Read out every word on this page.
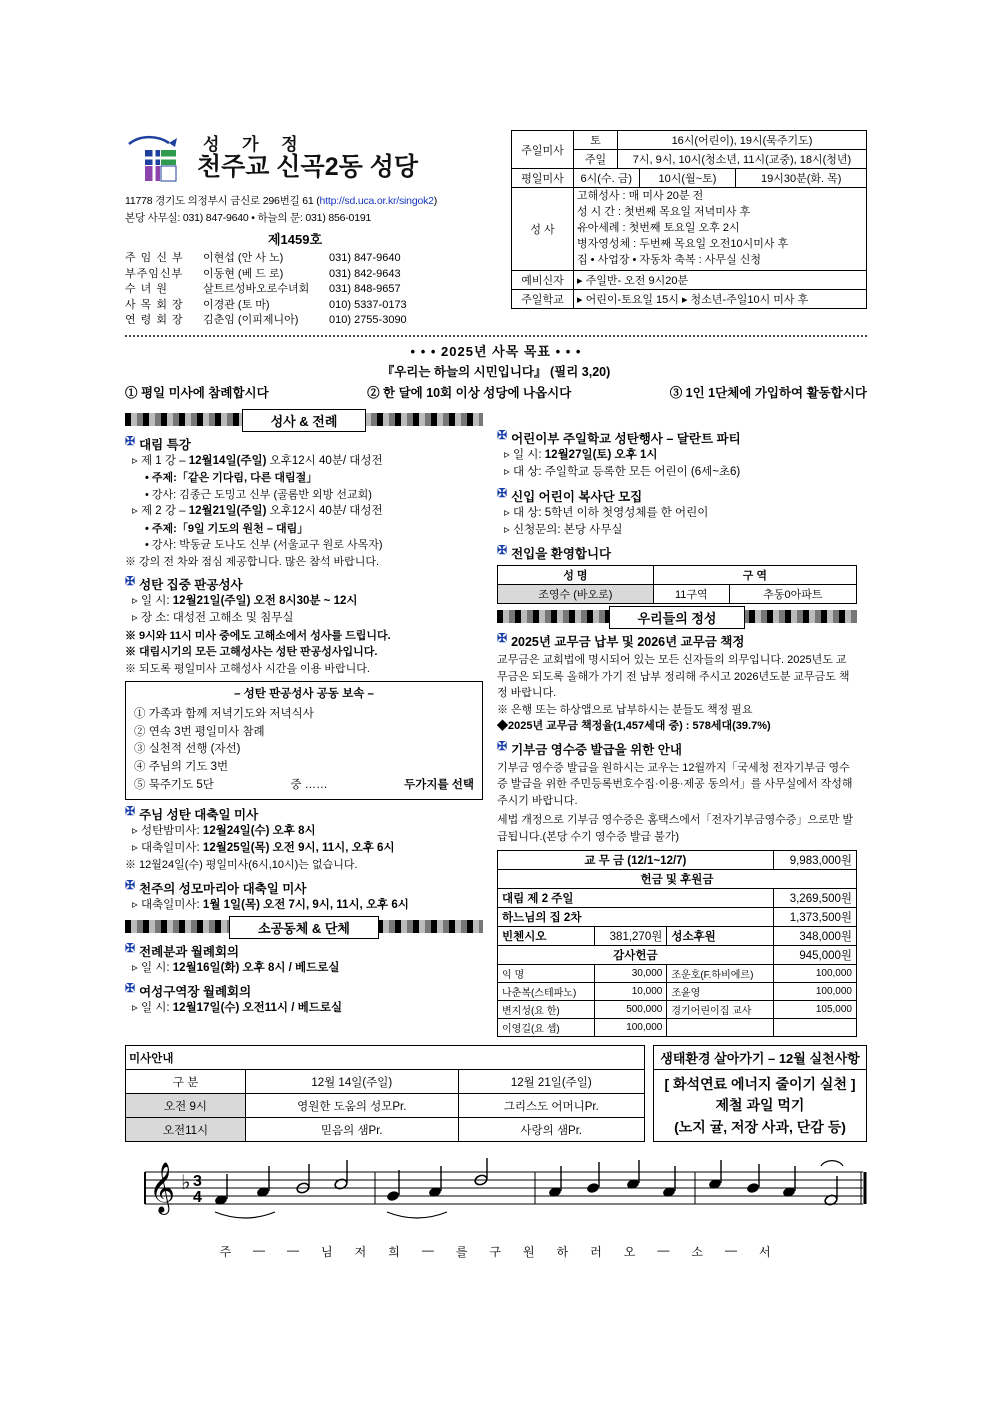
성 가 정
천주교 신곡2동 성당
11778 경기도 의정부시 금신로 296번길 61 (http://sd.uca.or.kr/singok2)
본당 사무실: 031) 847-9640 • 하늘의 문: 031) 856-0191
제1459호
주 임 신 부	이현섭 (안 사 노)	031) 847-9640
부주임신부	이동현 (베 드 로)	031) 842-9643
수 녀 원	살트르성바오로수녀회	031) 848-9657
사 목 회 장	이경관 (토 마)	010) 5337-0173
연 령 회 장	김춘임 (이피제니아)	010) 2755-3090
주일미사	토	16시(어린이), 19시(묵주기도)		
	주일	7시, 9시, 10시(청소년, 11시(교중), 18시(청년)		
평일미사	6시(수. 금)		10시(월~토)	19시30분(화. 목)
성 사	고해성사 : 매 미사 20분 전
성 시 간 : 첫번째 목요일 저녁미사 후
유아세례 : 첫번째 토요일 오후 2시
병자영성체 : 두번째 목요일 오전10시미사 후
집 • 사업장 • 자동차 축복 : 사무실 신청			

예비신자	▸ 주일반- 오전 9시20분			
주일학교	▸ 어린이-토요일 15시 ▸ 청소년-주일10시 미사 후			
• • • 2025년 사목 목표 • • •
『우리는 하늘의 시민입니다』 (필리 3,20)
① 평일 미사에 참례합시다	② 한 달에 10회 이상 성당에 나옵시다	③ 1인 1단체에 가입하여 활동합시다
성사 & 전례
✠ 대림 특강
▹ 제 1 강 – 12월14일(주일) 오후12시 40분/ 대성전
• 주제:「같은 기다림, 다른 대림절」
• 강사: 김종근 도밍고 신부 (골롬반 외방 선교회)
▹ 제 2 강 – 12월21일(주일) 오후12시 40분/ 대성전
• 주제:「9일 기도의 원천 – 대림」
• 강사: 박동균 도나도 신부 (서울교구 원로 사목자)
※ 강의 전 차와 점심 제공합니다. 많은 참석 바랍니다.
✠ 성탄 집중 판공성사
▹ 일 시: 12월21일(주일) 오전 8시30분 ~ 12시
▹ 장 소: 대성전 고해소 및 침무실
※ 9시와 11시 미사 중에도 고해소에서 성사를 드립니다.
※ 대림시기의 모든 고해성사는 성탄 판공성사입니다.
※ 되도록 평일미사 고해성사 시간을 이용 바랍니다.
– 성탄 판공성사 공동 보속 –
① 가족과 함께 저녁기도와 저녁식사
② 연속 3번 평일미사 참례
③ 실천적 선행 (자선)
④ 주님의 기도 3번
⑤ 묵주기도 5단	중 ……	두가지를 선택
✠ 주님 성탄 대축일 미사
▹ 성탄밤미사: 12월24일(수) 오후 8시
▹ 대축일미사: 12월25일(목) 오전 9시, 11시, 오후 6시
※ 12월24일(수) 평일미사(6시,10시)는 없습니다.
✠ 천주의 성모마리아 대축일 미사
▹ 대축일미사: 1월 1일(목) 오전 7시, 9시, 11시, 오후 6시
소공동체 & 단체
✠ 전례분과 월례회의
▹ 일 시: 12월16일(화) 오후 8시 / 베드로실
✠ 여성구역장 월례회의
▹ 일 시: 12월17일(수) 오전11시 / 베드로실
✠ 어린이부 주일학교 성탄행사 – 달란트 파티
▹ 일 시: 12월27일(토) 오후 1시
▹ 대 상: 주일학교 등록한 모든 어린이 (6세~초6)
✠ 신입 어린이 복사단 모집
▹ 대 상: 5학년 이하 첫영성체를 한 어린이
▹ 신청문의: 본당 사무실
✠ 전입을 환영합니다
성 명	구 역	
조영수 (바오로)	11구역	추동0아파트
우리들의 정성
✠ 2025년 교무금 납부 및 2026년 교무금 책정
교무금은 교회법에 명시되어 있는 모든 신자들의 의무입니다. 2025년도 교무금은 되도록 올해가 가기 전 납부 정리해 주시고 2026년도분 교무금도 책정 바랍니다.
※ 은행 또는 하상앱으로 납부하시는 분들도 책정 필요
◆2025년 교무금 책정율(1,457세대 중) : 578세대(39.7%)
✠ 기부금 영수증 발급을 위한 안내
기부금 영수증 발급을 원하시는 교우는 12월까지「국세청 전자기부금 영수증 발급을 위한 주민등록번호수집·이용·제공 동의서」를 사무실에서 작성해 주시기 바랍니다.
세법 개정으로 기부금 영수증은 홈택스에서「전자기부금영수증」으로만 발급됩니다.(본당 수기 영수증 발급 불가)
교 무 금 (12/1~12/7)			9,983,000원
헌금 및 후원금			
대림 제 2 주일			3,269,500원
하느님의 집 2차			1,373,500원
빈첸시오	381,270원	성소후원	348,000원
감사헌금			945,000원
익 명	30,000	조운호(F.하비에르)	100,000
나춘복(스테파노)	10,000	조윤영	100,000
변지성(요 한)	500,000	경기어린이집 교사	105,000
이영길(요 셉)	100,000		
미사안내		
구 분	12월 14일(주일)	12월 21일(주일)
오전 9시	영원한 도움의 성모Pr.	그리스도 어머니Pr.
오전11시	믿음의 샘Pr.	사랑의 샘Pr.
생태환경 살아가기 – 12월 실천사항
[ 화석연료 에너지 줄이기 실천 ]
제철 과일 먹기
(노지 귤, 저장 사과, 단감 등)
𝄞 ♭ 3
4
주 — — 님 저 희 — 를 구 원 하 러 오 — 소 — 서
